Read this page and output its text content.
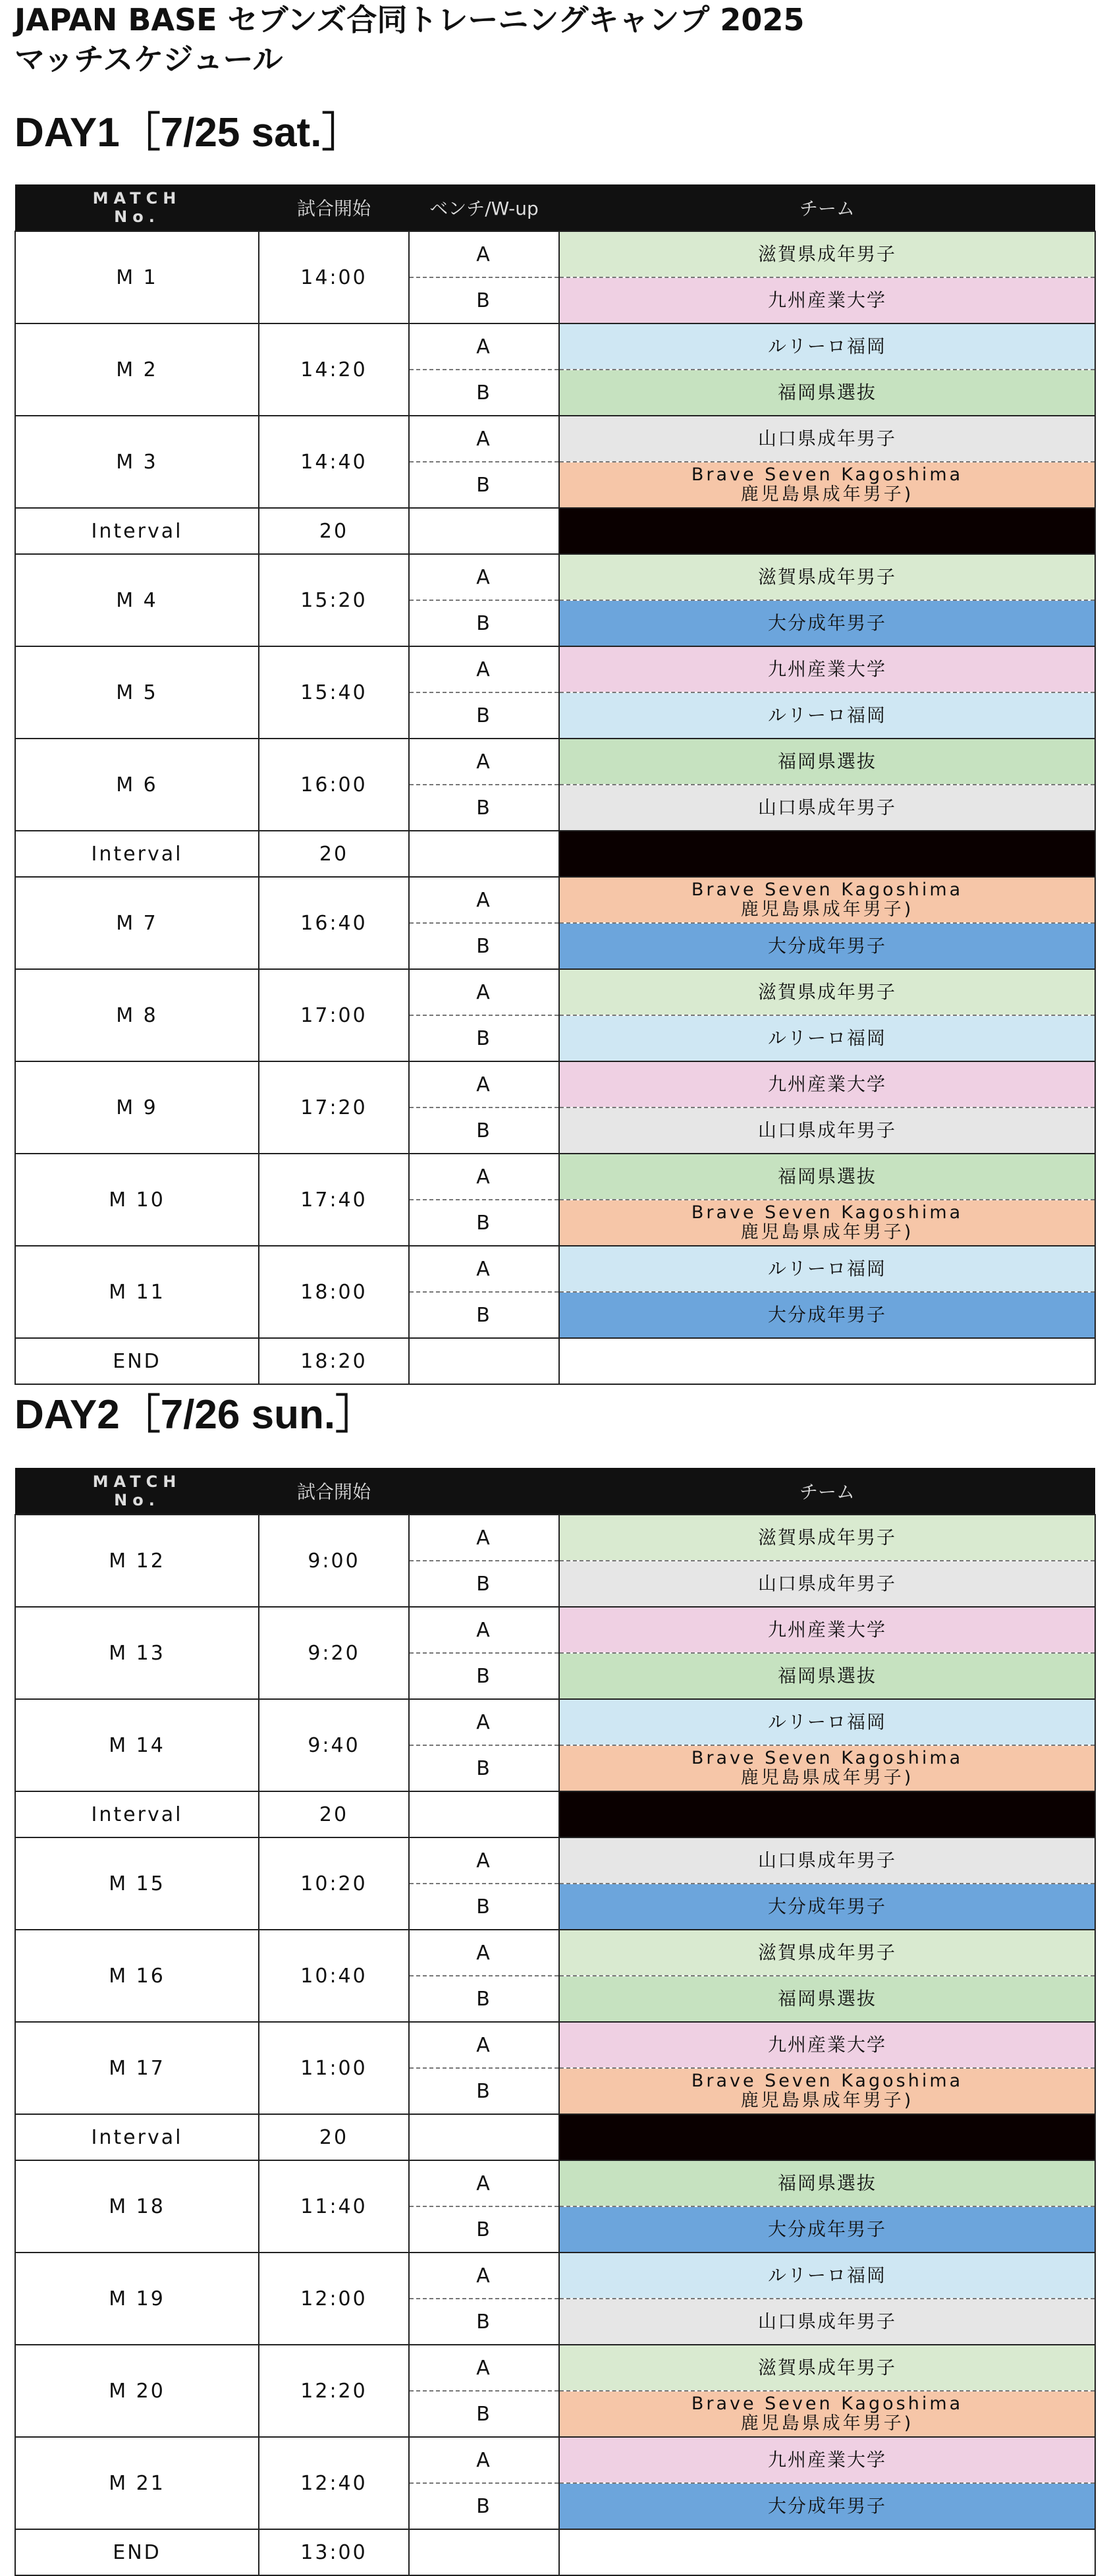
JAPAN BASE セブンズ合同トレーニングキャンプ 2025
マッチスケジュール
DAY1［7/25 sat.］
MATCH No.	試合開始	ベンチ/W-up	チーム
M 1	14:00	A	滋賀県成年男子
		B	九州産業大学
M 2	14:20	A	ルリーロ福岡
		B	福岡県選抜
M 3	14:40	A	山口県成年男子
		B	Brave Seven Kagoshima
鹿児島県成年男子)
Interval	20		
M 4	15:20	A	滋賀県成年男子
		B	大分成年男子
M 5	15:40	A	九州産業大学
		B	ルリーロ福岡
M 6	16:00	A	福岡県選抜
		B	山口県成年男子
Interval	20		
M 7	16:40	A	Brave Seven Kagoshima
鹿児島県成年男子)
		B	大分成年男子
M 8	17:00	A	滋賀県成年男子
		B	ルリーロ福岡
M 9	17:20	A	九州産業大学
		B	山口県成年男子
M 10	17:40	A	福岡県選抜
		B	Brave Seven Kagoshima
鹿児島県成年男子)
M 11	18:00	A	ルリーロ福岡
		B	大分成年男子
END	18:20		
DAY2［7/26 sun.］
MATCH No.	試合開始		チーム
M 12	9:00	A	滋賀県成年男子
		B	山口県成年男子
M 13	9:20	A	九州産業大学
		B	福岡県選抜
M 14	9:40	A	ルリーロ福岡
		B	Brave Seven Kagoshima
鹿児島県成年男子)
Interval	20		
M 15	10:20	A	山口県成年男子
		B	大分成年男子
M 16	10:40	A	滋賀県成年男子
		B	福岡県選抜
M 17	11:00	A	九州産業大学
		B	Brave Seven Kagoshima
鹿児島県成年男子)
Interval	20		
M 18	11:40	A	福岡県選抜
		B	大分成年男子
M 19	12:00	A	ルリーロ福岡
		B	山口県成年男子
M 20	12:20	A	滋賀県成年男子
		B	Brave Seven Kagoshima
鹿児島県成年男子)
M 21	12:40	A	九州産業大学
		B	大分成年男子
END	13:00		
